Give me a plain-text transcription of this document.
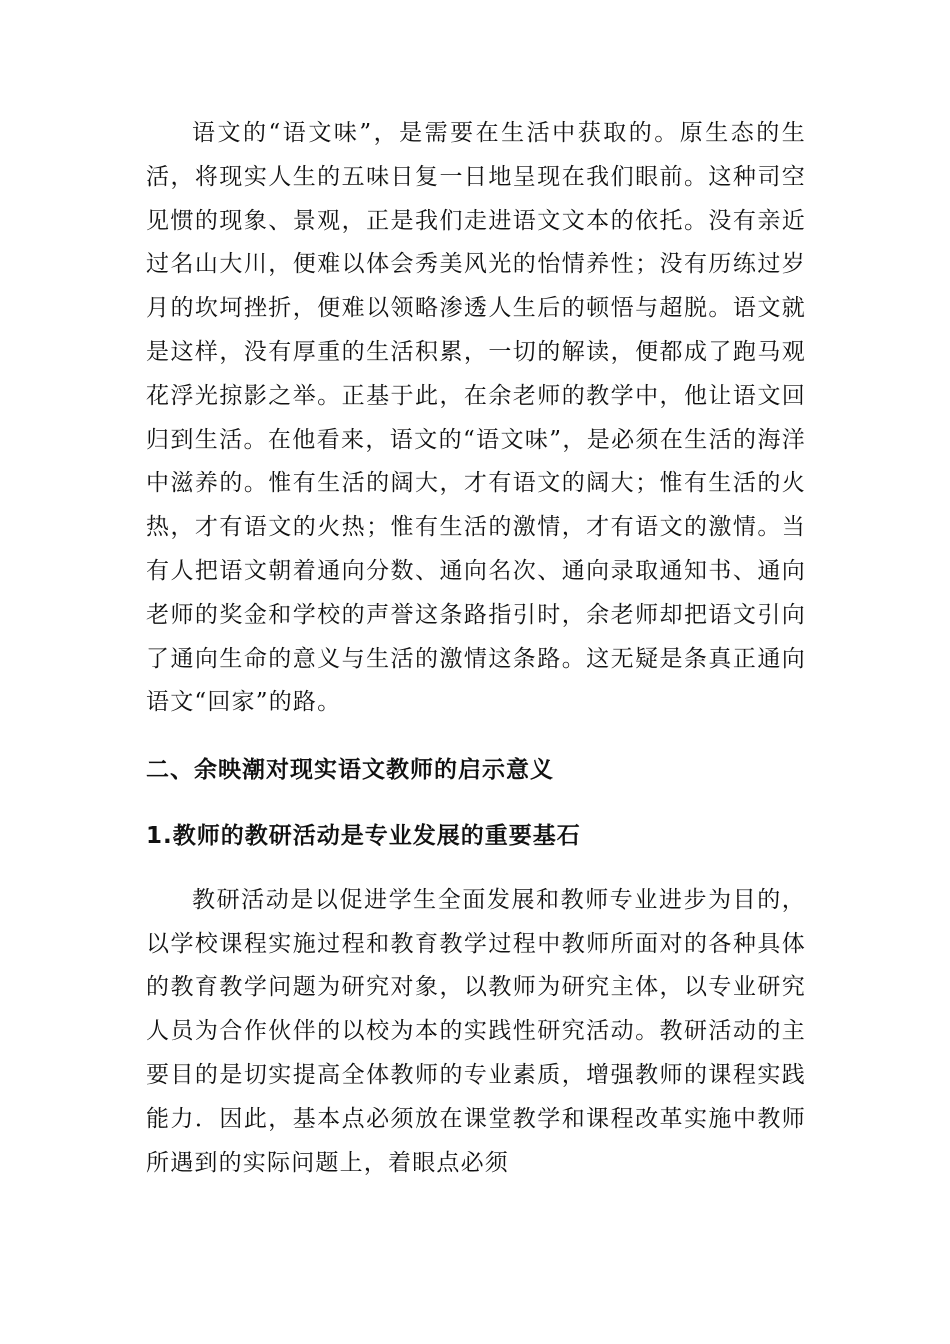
语文的“语文味”，是需要在生活中获取的。原生态的生活，将现实人生的五味日复一日地呈现在我们眼前。这种司空见惯的现象、景观，正是我们走进语文文本的依托。没有亲近过名山大川，便难以体会秀美风光的怡情养性；没有历练过岁月的坎坷挫折，便难以领略渗透人生后的顿悟与超脱。语文就是这样，没有厚重的生活积累，一切的解读，便都成了跑马观花浮光掠影之举。正基于此，在余老师的教学中，他让语文回归到生活。在他看来，语文的“语文味”，是必须在生活的海洋中滋养的。惟有生活的阔大，才有语文的阔大；惟有生活的火热，才有语文的火热；惟有生活的激情，才有语文的激情。当有人把语文朝着通向分数、通向名次、通向录取通知书、通向老师的奖金和学校的声誉这条路指引时，余老师却把语文引向了通向生命的意义与生活的激情这条路。这无疑是条真正通向语文“回家”的路。

二、余映潮对现实语文教师的启示意义
1.教师的教研活动是专业发展的重要基石

教研活动是以促进学生全面发展和教师专业进步为目的，以学校课程实施过程和教育教学过程中教师所面对的各种具体的教育教学问题为研究对象，以教师为研究主体，以专业研究人员为合作伙伴的以校为本的实践性研究活动。教研活动的主要目的是切实提高全体教师的专业素质，增强教师的课程实践能力．因此，基本点必须放在课堂教学和课程改革实施中教师所遇到的实际问题上，着眼点必须
